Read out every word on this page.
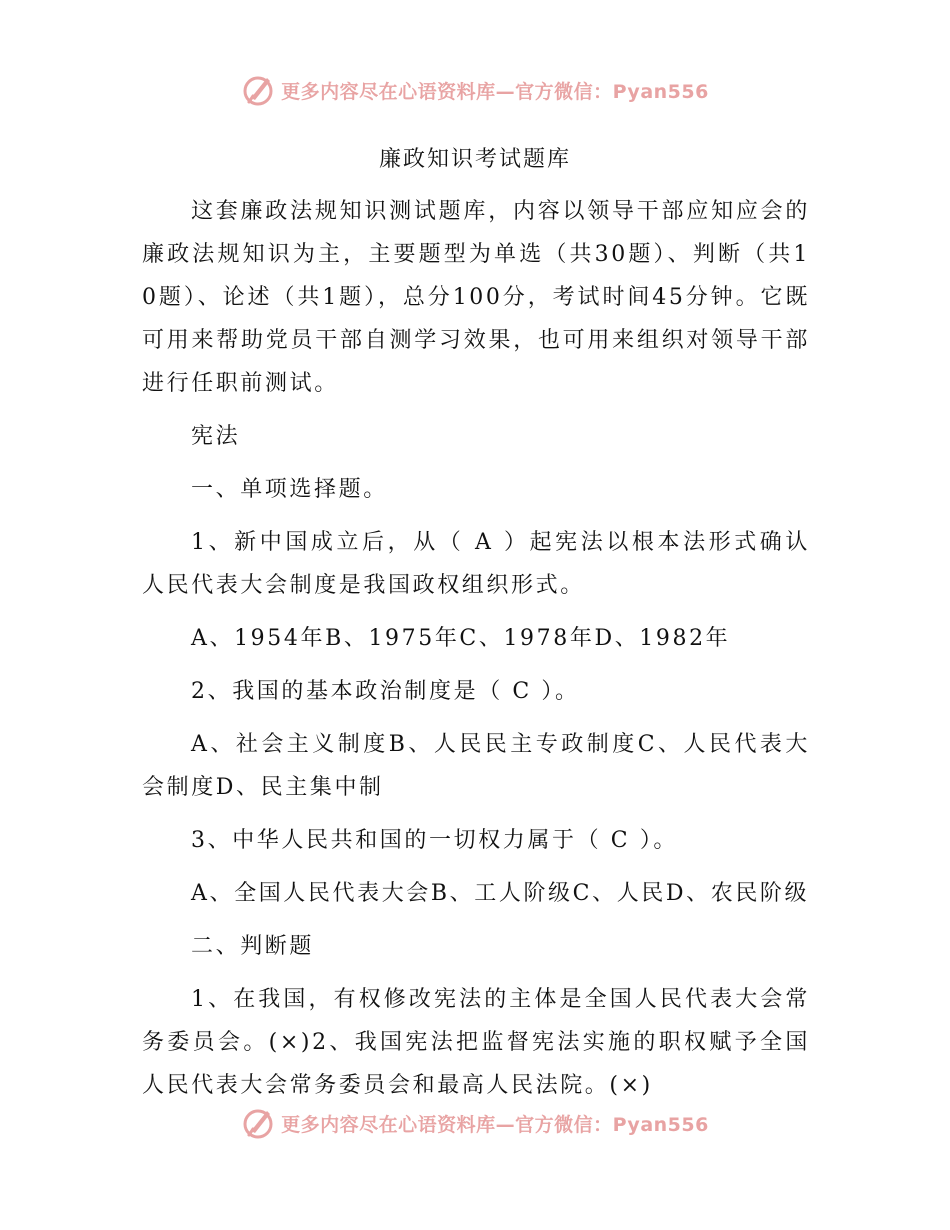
更多内容尽在心语资料库—官方微信：Pyan556
廉政知识考试题库

这套廉政法规知识测试题库，内容以领导干部应知应会的廉政法规知识为主，主要题型为单选（共30题）、判断（共10题）、论述（共1题），总分100分，考试时间45分钟。它既可用来帮助党员干部自测学习效果，也可用来组织对领导干部进行任职前测试。

宪法

一、单项选择题。

1、新中国成立后，从（ A ）起宪法以根本法形式确认人民代表大会制度是我国政权组织形式。

A、1954年B、1975年C、1978年D、1982年

2、我国的基本政治制度是（ C ）。

A、社会主义制度B、人民民主专政制度C、人民代表大会制度D、民主集中制

3、中华人民共和国的一切权力属于（ C ）。

A、全国人民代表大会B、工人阶级C、人民D、农民阶级

二、判断题

1、在我国，有权修改宪法的主体是全国人民代表大会常务委员会。(×)2、我国宪法把监督宪法实施的职权赋予全国人民代表大会常务委员会和最高人民法院。(×)

更多内容尽在心语资料库—官方微信：Pyan556
